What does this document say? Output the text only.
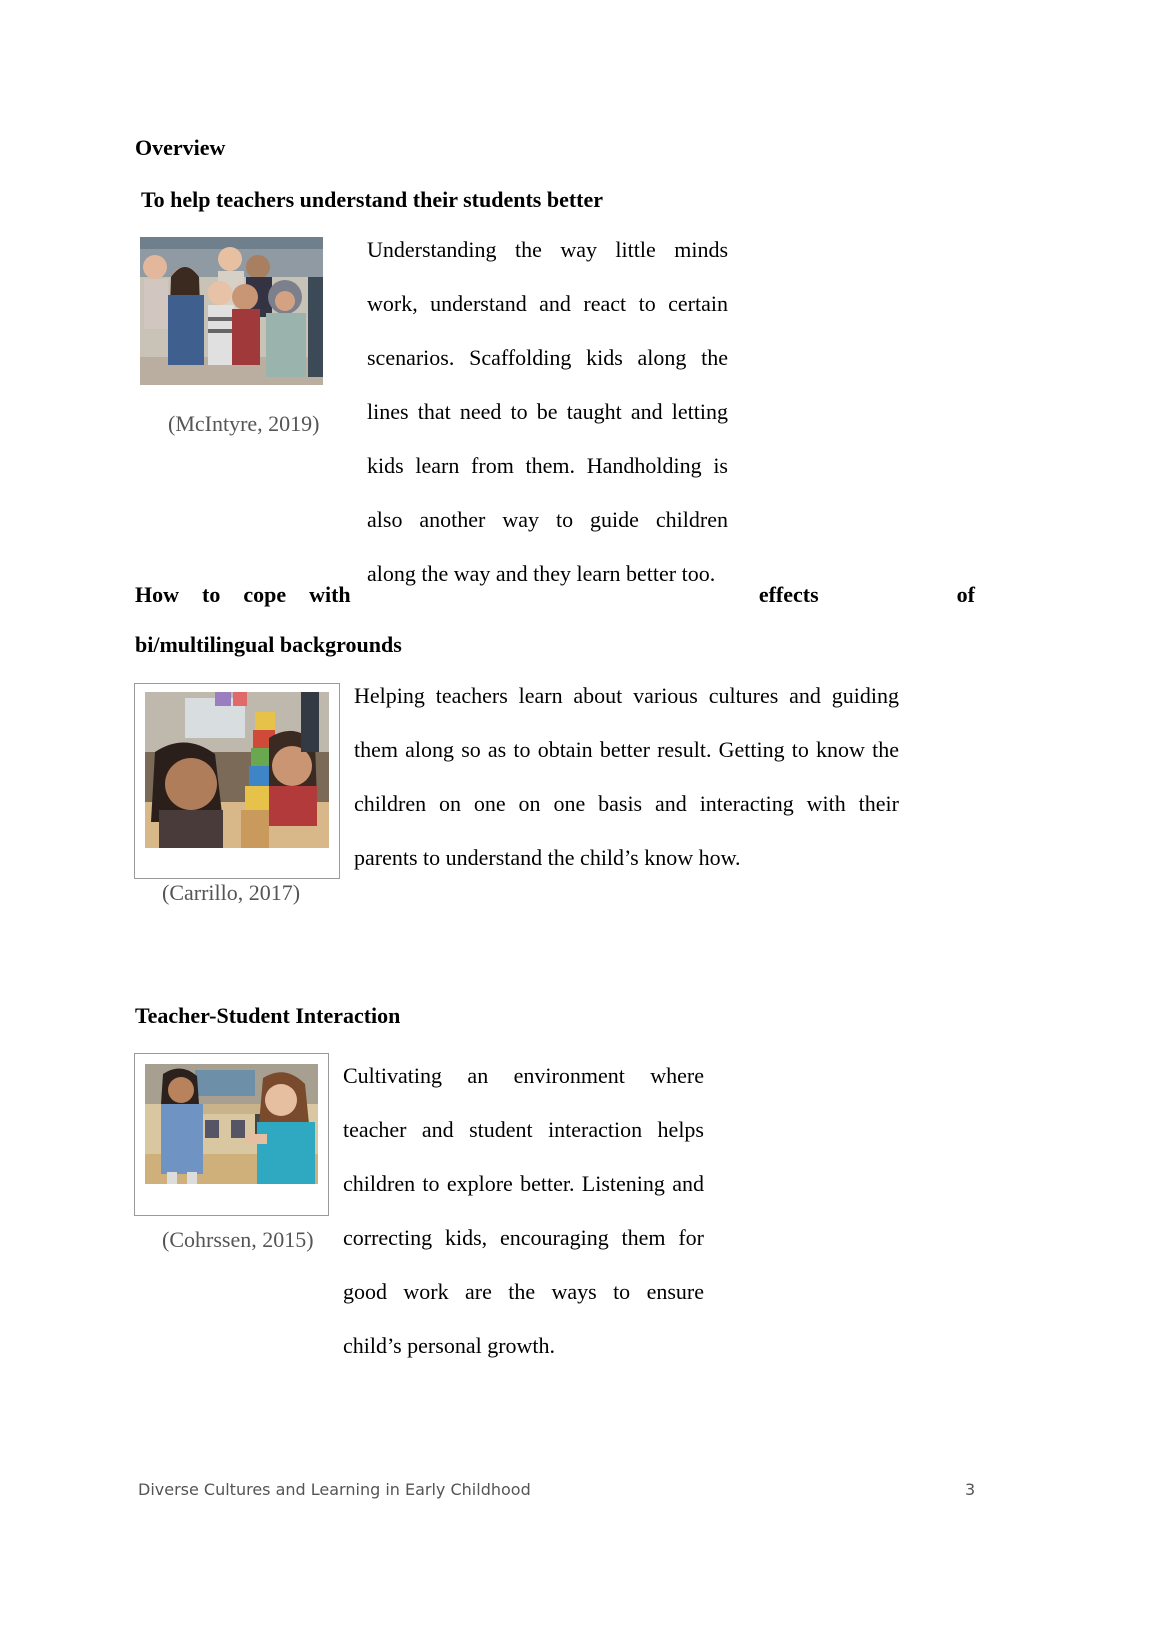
Overview
To help teachers understand their students better
(McIntyre, 2019)

Understanding the way little minds

work, understand and react to certain

scenarios. Scaffolding kids along the

lines that need to be taught and letting

kids learn from them. Handholding is

also another way to guide children

along the way and they learn better too.

How to cope with	effects	of
bi/multilingual backgrounds
(Carrillo, 2017)

Helping teachers learn about various cultures and guiding

them along so as to obtain better result. Getting to know the

children on one on one basis and interacting with their

parents to understand the child’s know how.

Teacher-Student Interaction
(Cohrssen, 2015)

Cultivating an environment where

teacher and student interaction helps

children to explore better. Listening and

correcting kids, encouraging them for

good work are the ways to ensure

child’s personal growth.

Diverse Cultures and Learning in Early Childhood	3
